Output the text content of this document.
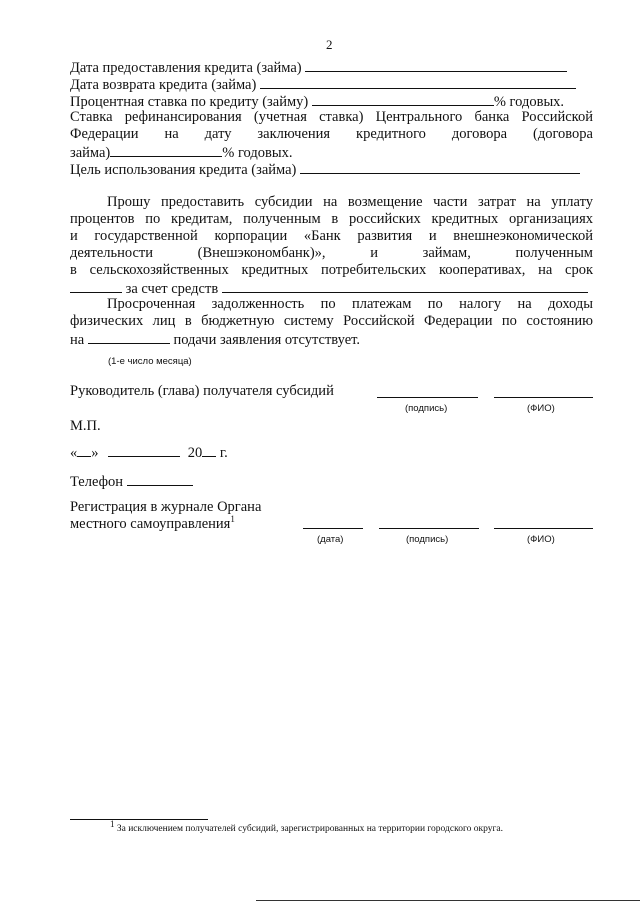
2
Дата предоставления кредита (займа)
Дата возврата кредита (займа)
Процентная ставка по кредиту (займу)	% годовых.
Ставка рефинансирования (учетная ставка) Центрального банка Российской
Федерации на дату заключения кредитного договора (договора
займа)	% годовых.
Цель использования кредита (займа)
Прошу предоставить субсидии на возмещение части затрат на уплату
процентов по кредитам, полученным в российских кредитных организациях
и государственной корпорации «Банк развития и внешнеэкономической
деятельности (Внешэкономбанк)», и займам, полученным
в сельскохозяйственных кредитных потребительских кооперативах, на срок
за счет средств
Просроченная задолженность по платежам по налогу на доходы
физических лиц в бюджетную систему Российской Федерации по состоянию
на	подачи заявления отсутствует.
(1-е число месяца)
Руководитель (глава) получателя субсидий
(подпись)	(ФИО)
М.П.
« »	20 г.
Телефон
Регистрация в журнале Органа
местного самоуправления$^1$
(дата)	(подпись)	(ФИО)
1 За исключением получателей субсидий, зарегистрированных на территории городского округа.
